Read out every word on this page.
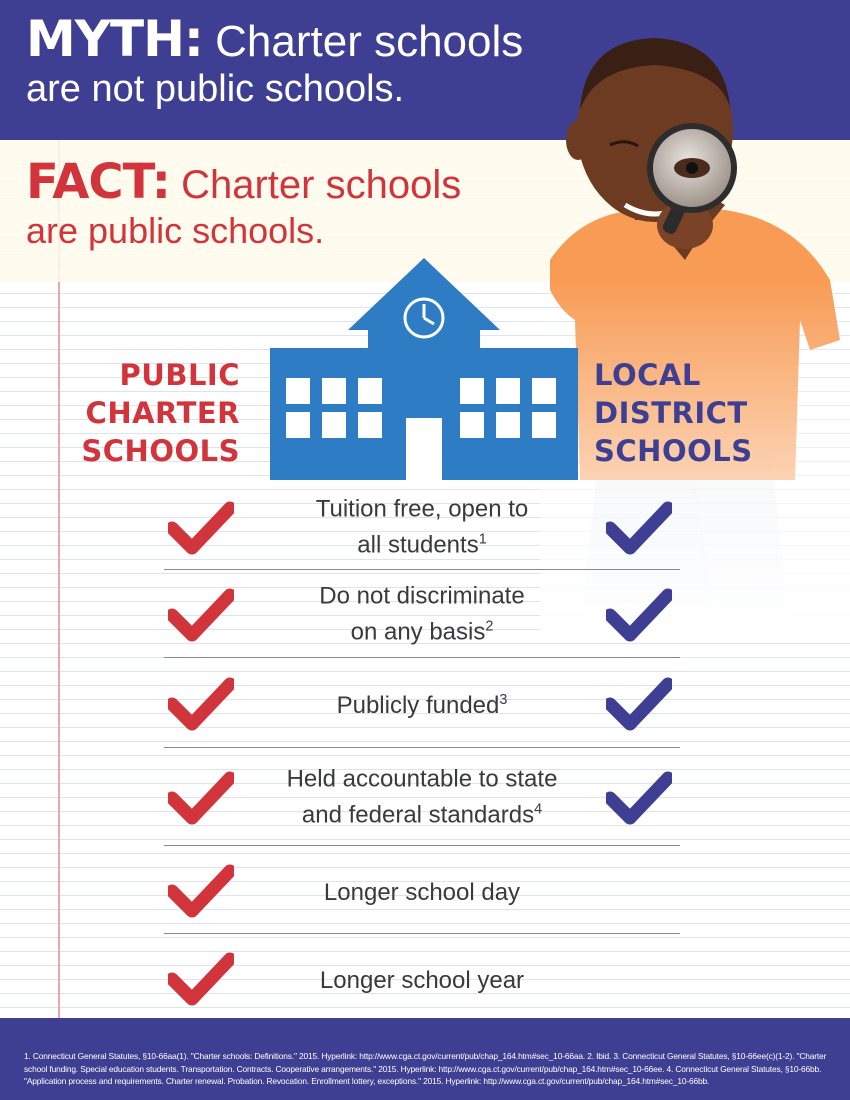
MYTH: Charter schools
are not public schools.
FACT: Charter schools
are public schools.
PUBLIC
CHARTER
SCHOOLS
LOCAL
DISTRICT
SCHOOLS
Tuition free, open to
all students$^1$
Do not discriminate
on any basis$^2$
Publicly funded$^3$
Held accountable to state
and federal standards$^4$
Longer school day
Longer school year
1. Connecticut General Statutes, §10-66aa(1). "Charter schools: Definitions." 2015. Hyperlink: http://www.cga.ct.gov/current/pub/chap_164.htm#sec_10-66aa. 2. Ibid. 3. Connecticut General Statutes, §10-66ee(c)(1-2). "Charter school funding. Special education students. Transportation. Contracts. Cooperative arrangements." 2015. Hyperlink: http://www.cga.ct.gov/current/pub/chap_164.htm#sec_10-66ee. 4. Connecticut General Statutes, §10-66bb. "Application process and requirements. Charter renewal. Probation. Revocation. Enrollment lottery, exceptions." 2015. Hyperlink: http://www.cga.ct.gov/current/pub/chap_164.htm#sec_10-66bb.
